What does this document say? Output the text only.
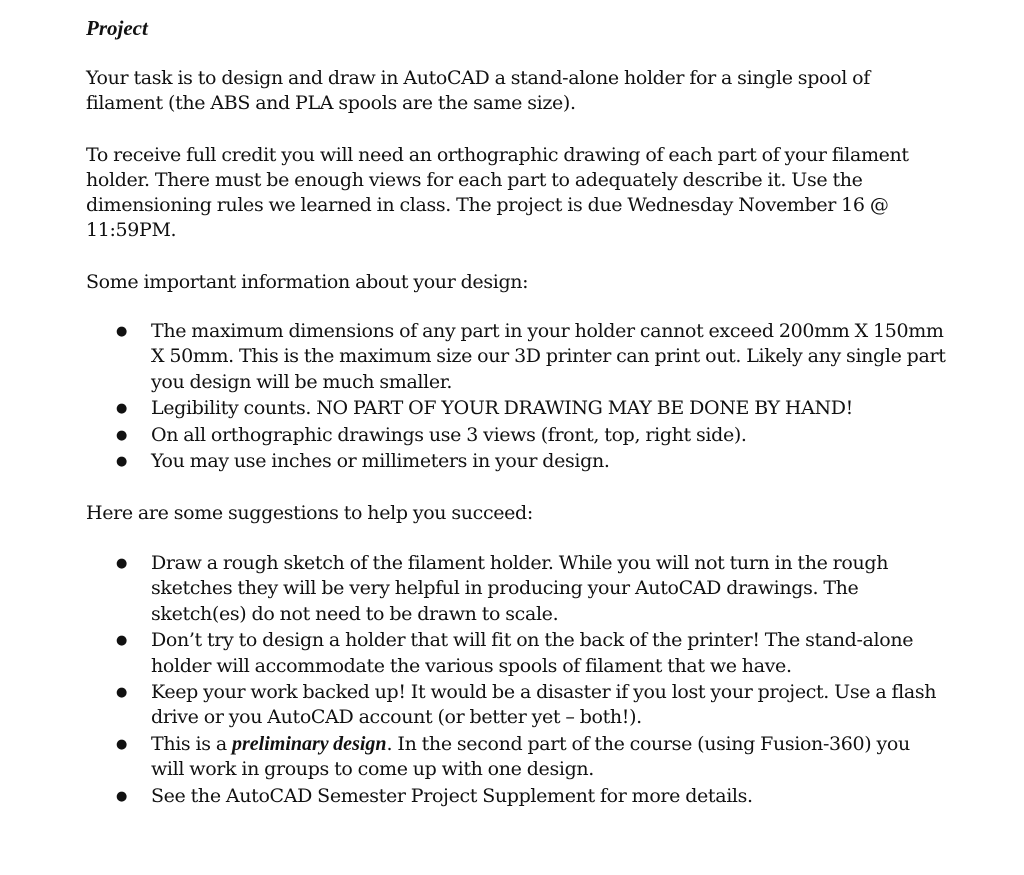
Project

Your task is to design and draw in AutoCAD a stand-alone holder for a single spool of filament (the ABS and PLA spools are the same size).

To receive full credit you will need an orthographic drawing of each part of your filament holder. There must be enough views for each part to adequately describe it. Use the dimensioning rules we learned in class. The project is due Wednesday November 16 @ 11:59PM.

Some important information about your design:

● The maximum dimensions of any part in your holder cannot exceed 200mm X 150mm X 50mm. This is the maximum size our 3D printer can print out. Likely any single part you design will be much smaller.
● Legibility counts. NO PART OF YOUR DRAWING MAY BE DONE BY HAND!
● On all orthographic drawings use 3 views (front, top, right side).
● You may use inches or millimeters in your design.

Here are some suggestions to help you succeed:

● Draw a rough sketch of the filament holder. While you will not turn in the rough sketches they will be very helpful in producing your AutoCAD drawings. The sketch(es) do not need to be drawn to scale.
● Don’t try to design a holder that will fit on the back of the printer! The stand-alone holder will accommodate the various spools of filament that we have.
● Keep your work backed up! It would be a disaster if you lost your project. Use a flash drive or you AutoCAD account (or better yet – both!).
● This is a preliminary design. In the second part of the course (using Fusion-360) you will work in groups to come up with one design.
● See the AutoCAD Semester Project Supplement for more details.
